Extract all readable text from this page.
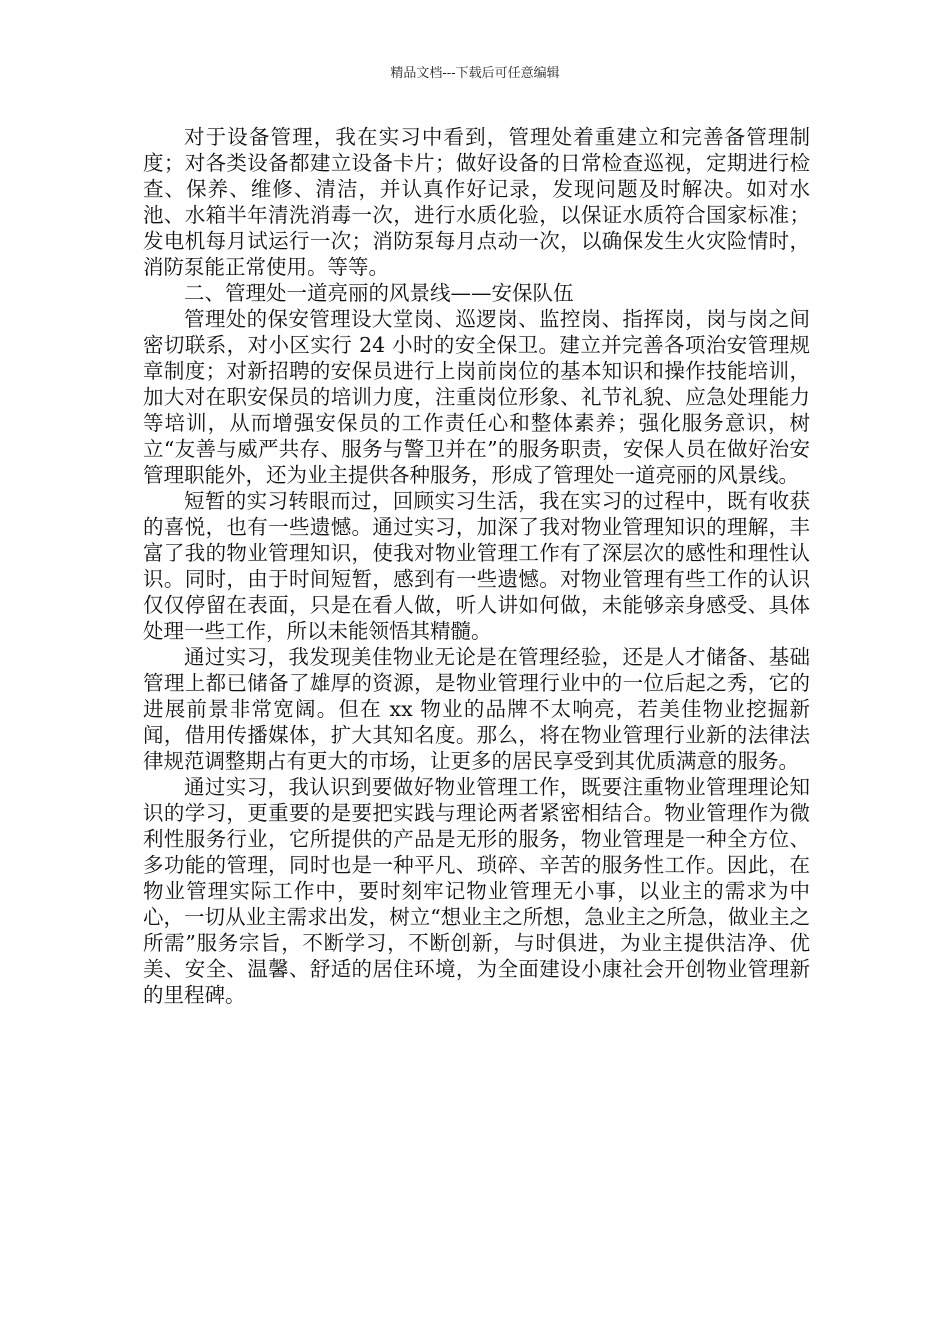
精品文档---下载后可任意编辑

对于设备管理，我在实习中看到，管理处着重建立和完善备管理制度；对各类设备都建立设备卡片；做好设备的日常检查巡视，定期进行检查、保养、维修、清洁，并认真作好记录，发现问题及时解决。如对水池、水箱半年清洗消毒一次，进行水质化验，以保证水质符合国家标准；发电机每月试运行一次；消防泵每月点动一次，以确保发生火灾险情时，消防泵能正常使用。等等。

二、管理处一道亮丽的风景线——安保队伍

管理处的保安管理设大堂岗、巡逻岗、监控岗、指挥岗，岗与岗之间密切联系，对小区实行 24 小时的安全保卫。建立并完善各项治安管理规章制度；对新招聘的安保员进行上岗前岗位的基本知识和操作技能培训，加大对在职安保员的培训力度，注重岗位形象、礼节礼貌、应急处理能力等培训，从而增强安保员的工作责任心和整体素养；强化服务意识，树立“友善与威严共存、服务与警卫并在”的服务职责，安保人员在做好治安管理职能外，还为业主提供各种服务，形成了管理处一道亮丽的风景线。

短暂的实习转眼而过，回顾实习生活，我在实习的过程中，既有收获的喜悦，也有一些遗憾。通过实习，加深了我对物业管理知识的理解，丰富了我的物业管理知识，使我对物业管理工作有了深层次的感性和理性认识。同时，由于时间短暂，感到有一些遗憾。对物业管理有些工作的认识仅仅停留在表面，只是在看人做，听人讲如何做，未能够亲身感受、具体处理一些工作，所以未能领悟其精髓。

通过实习，我发现美佳物业无论是在管理经验，还是人才储备、基础管理上都已储备了雄厚的资源，是物业管理行业中的一位后起之秀，它的进展前景非常宽阔。但在 xx 物业的品牌不太响亮，若美佳物业挖掘新闻，借用传播媒体，扩大其知名度。那么，将在物业管理行业新的法律法律规范调整期占有更大的市场，让更多的居民享受到其优质满意的服务。

通过实习，我认识到要做好物业管理工作，既要注重物业管理理论知识的学习，更重要的是要把实践与理论两者紧密相结合。物业管理作为微利性服务行业，它所提供的产品是无形的服务，物业管理是一种全方位、多功能的管理，同时也是一种平凡、琐碎、辛苦的服务性工作。因此，在物业管理实际工作中，要时刻牢记物业管理无小事，以业主的需求为中心，一切从业主需求出发，树立“想业主之所想，急业主之所急，做业主之所需”服务宗旨，不断学习，不断创新，与时俱进，为业主提供洁净、优美、安全、温馨、舒适的居住环境，为全面建设小康社会开创物业管理新的里程碑。
